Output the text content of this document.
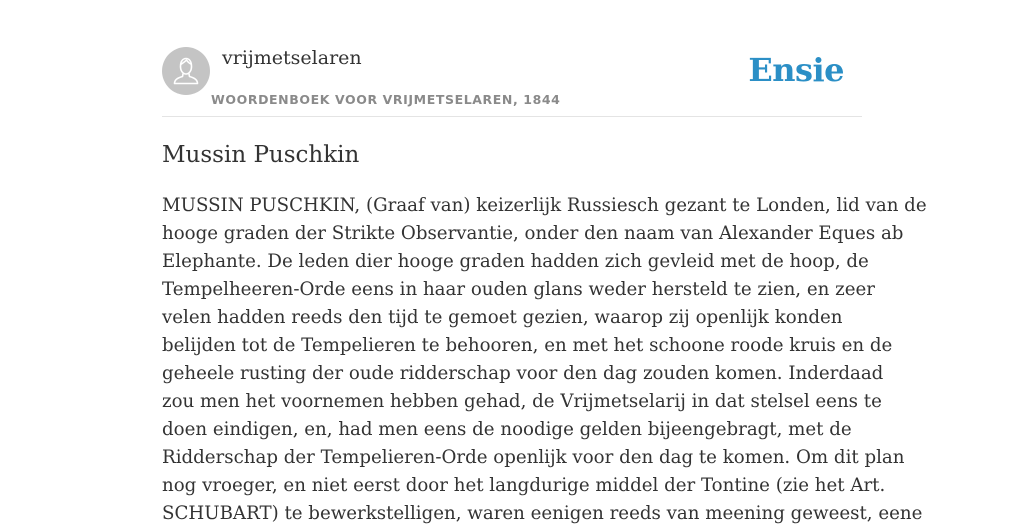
vrijmetselaren
WOORDENBOEK VOOR VRIJMETSELAREN, 1844
Ensie
Mussin Puschkin
MUSSIN PUSCHKIN, (Graaf van) keizerlijk Russiesch gezant te Londen, lid van de
hooge graden der Strikte Observantie, onder den naam van Alexander Eques ab
Elephante. De leden dier hooge graden hadden zich gevleid met de hoop, de
Tempelheeren-Orde eens in haar ouden glans weder hersteld te zien, en zeer
velen hadden reeds den tijd te gemoet gezien, waarop zij openlijk konden
belijden tot de Tempelieren te behooren, en met het schoone roode kruis en de
geheele rusting der oude ridderschap voor den dag zouden komen. Inderdaad
zou men het voornemen hebben gehad, de Vrijmetselarij in dat stelsel eens te
doen eindigen, en, had men eens de noodige gelden bijeengebragt, met de
Ridderschap der Tempelieren-Orde openlijk voor den dag te komen. Om dit plan
nog vroeger, en niet eerst door het langdurige middel der Tontine (zie het Art.
SCHUBART) te bewerkstelligen, waren eenigen reeds van meening geweest, eene
